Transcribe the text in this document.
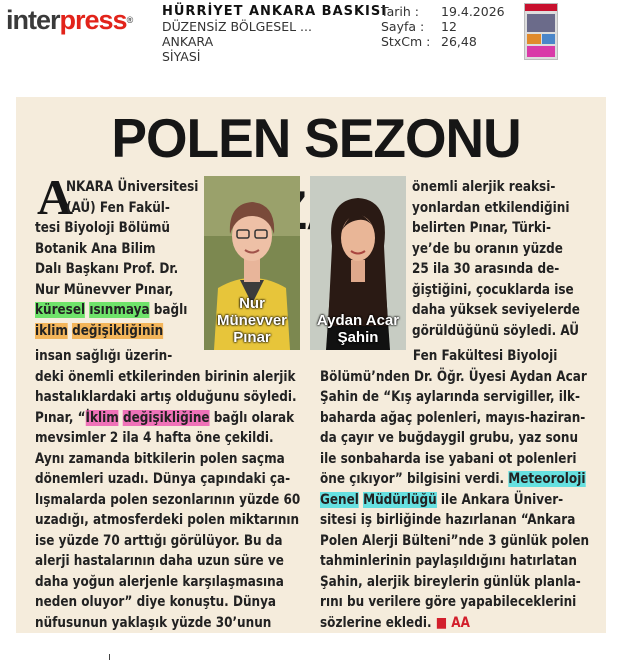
interpress®
HÜRRİYET ANKARA BASKISI
DÜZENSİZ BÖLGESEL ...
ANKARA
SİYASİ
Tarih :	19.4.2026
Sayfa :	12
StxCm : 26,48
POLEN SEZONU
A
NKARA Üniversitesi
(AÜ) Fen Fakül-
tesi Biyoloji Bölümü
Botanik Ana Bilim
Dalı Başkanı Prof. Dr.
Nur Münevver Pınar,
küresel ısınmaya bağlı
iklim değişikliğinin
insan sağlığı üzerin-
deki önemli etkilerinden birinin alerjik
hastalıklardaki artış olduğunu söyledi.
Pınar, “İklim değişikliğine bağlı olarak
mevsimler 2 ila 4 hafta öne çekildi.
Aynı zamanda bitkilerin polen saçma
dönemleri uzadı. Dünya çapındaki ça-
lışmalarda polen sezonlarının yüzde 60
uzadığı, atmosferdeki polen miktarının
ise yüzde 70 arttığı görülüyor. Bu da
alerji hastalarının daha uzun süre ve
daha yoğun alerjenle karşılaşmasına
neden oluyor” diye konuştu. Dünya
nüfusunun yaklaşık yüzde 30’unun
Nur Münevver
Pınar
Aydan Acar
Şahin
önemli alerjik reaksi-
yonlardan etkilendiğini
belirten Pınar, Türki-
ye’de bu oranın yüzde
25 ila 30 arasında de-
ğiştiğini, çocuklarda ise
daha yüksek seviyelerde
görüldüğünü söyledi. AÜ
Fen Fakültesi Biyoloji
Bölümü’nden Dr. Öğr. Üyesi Aydan Acar
Şahin de “Kış aylarında servigiller, ilk-
baharda ağaç polenleri, mayıs-hazi̇ran-
da çayır ve buğdaygil grubu, yaz sonu
ile sonbaharda ise yabani ot polenleri
öne çıkıyor” bilgisini verdi. Meteoroloji
Genel Müdürlüğü ile Ankara Üniver-
sitesi iş birliğinde hazırlanan “Ankara
Polen Alerji Bülteni”nde 3 günlük polen
tahminlerinin paylaşıldığını hatırlatan
Şahin, alerjik bireylerin günlük planla-
rını bu verilere göre yapabileceklerini
sözlerine ekledi. ■ AA
